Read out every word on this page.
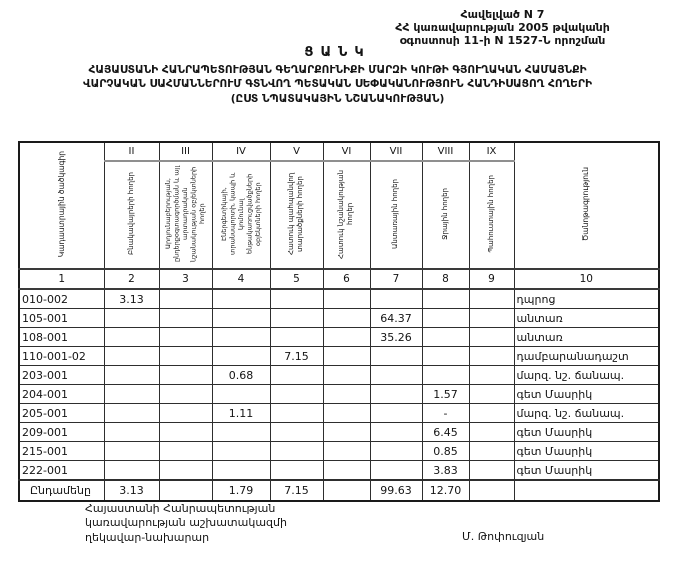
Հավելված N 7
ՀՀ կառավարության 2005 թվականի
օգոստոսի 11-ի N 1527-Ն որոշման
ՑԱՆԿ
ՀԱՅԱՍՏԱՆԻ ՀԱՆՐԱՊԵՏՈՒԹՅԱՆ ԳԵՂԱՐՔՈՒՆԻՔԻ ՄԱՐԶԻ ԿՈՒԹԻ ԳՅՈՒՂԱԿԱՆ ՀԱՄԱՅՆՔԻ
ՎԱՐՉԱԿԱՆ ՍԱՀՄԱՆՆԵՐՈՒՄ ԳՏՆՎՈՂ ՊԵՏԱԿԱՆ ՍԵՓԱԿԱՆՈՒԹՅՈՒՆ ՀԱՆԴԻՍԱՑՈՂ ՀՈՂԵՐԻ
(ԸՍՏ ՆՊԱՏԱԿԱՅԻՆ ՆՇԱՆԱԿՈՒԹՅԱՆ)
Կադաստրային ծածկագիր	II	III	IV	V	VI	VII	VIII	IX	Ծանոթագրություն
	Բնակավայրերի հողեր	Արդյունաբերության, ընդերքօգտագործման և այլ արտադրական նշանակության օբյեկտների հողեր	Էներգետիկայի, տրանսպորտի, կապի և կոմունալ ենթակառուցվածքների օբյեկտների հողեր	Հատուկ պահպանվող տարածքների հողեր	Հատուկ նշանակության հողեր	Անտառային հողեր	Ջրային հողեր	Պահուստային հողեր	
1	2	3	4	5	6	7	8	9	10
010-002	3.13								դպրոց
105-001						64.37			անտառ
108-001						35.26			անտառ
110-001-02				7.15					դամբարանադաշտ
203-001			0.68						մարզ. նշ. ճանապ.
204-001							1.57		գետ Մասրիկ
205-001			1.11				-		մարզ. նշ. ճանապ.
209-001							6.45		գետ Մասրիկ
215-001							0.85		գետ Մասրիկ
222-001							3.83		գետ Մասրիկ
Ընդամենը	3.13		1.79	7.15		99.63	12.70		
Հայաստանի Հանրապետության
կառավարության աշխատակազմի
ղեկավար-նախարար	Մ. Թոփուզյան
